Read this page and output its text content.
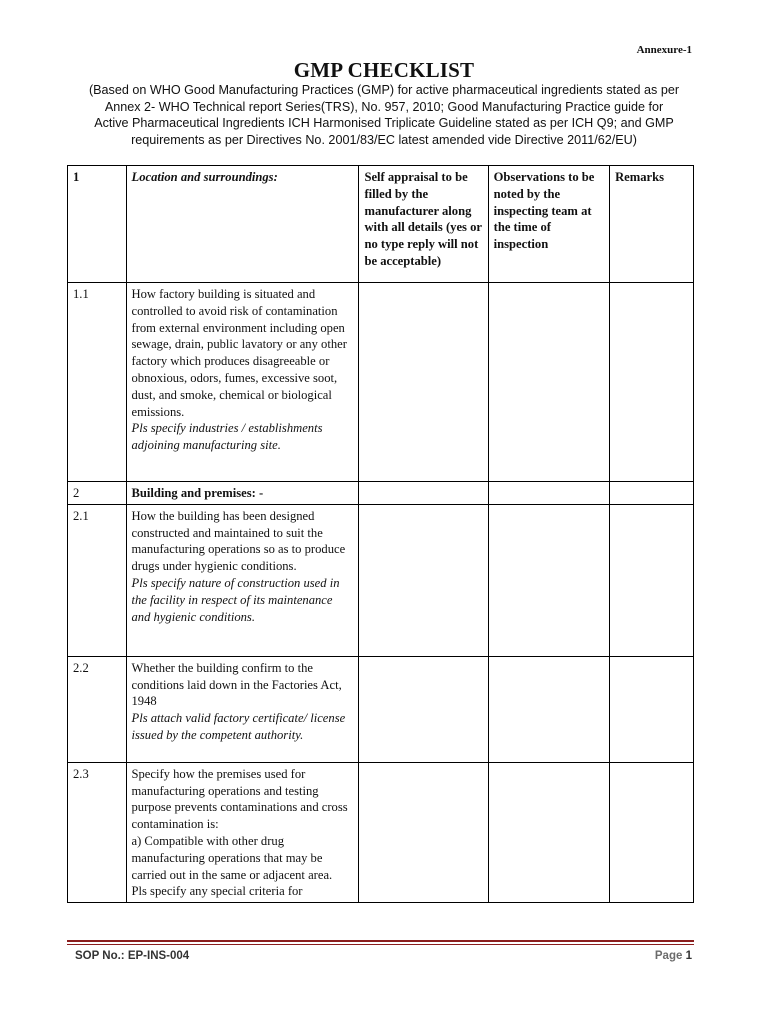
Annexure-1
GMP CHECKLIST
(Based on WHO Good Manufacturing Practices (GMP) for active pharmaceutical ingredients stated as per
Annex 2- WHO Technical report Series(TRS), No. 957, 2010; Good Manufacturing Practice guide for
Active Pharmaceutical Ingredients ICH Harmonised Triplicate Guideline stated as per ICH Q9; and GMP
requirements as per Directives No. 2001/83/EC latest amended vide Directive 2011/62/EU)
1	Location and surroundings:	Self appraisal to be filled by the manufacturer along with all details (yes or no type reply will not be acceptable)	Observations to be noted by the inspecting team at the time of inspection	Remarks
1.1	How factory building is situated and controlled to avoid risk of contamination from external environment including open sewage, drain, public lavatory or any other factory which produces disagreeable or obnoxious, odors, fumes, excessive soot, dust, and smoke, chemical or biological emissions.
Pls specify industries / establishments adjoining manufacturing site.			

2	Building and premises: -			
2.1	How the building has been designed constructed and maintained to suit the manufacturing operations so as to produce drugs under hygienic conditions.
Pls specify nature of construction used in the facility in respect of its maintenance and hygienic conditions.			

2.2	Whether the building confirm to the conditions laid down in the Factories Act, 1948
Pls attach valid factory certificate/ license issued by the competent authority.			

2.3	Specify how the premises used for manufacturing operations and testing purpose prevents contaminations and cross contamination is:
a) Compatible with other drug manufacturing operations that may be carried out in the same or adjacent area.
Pls specify any special criteria for			

SOP No.: EP-INS-004	Page 1
